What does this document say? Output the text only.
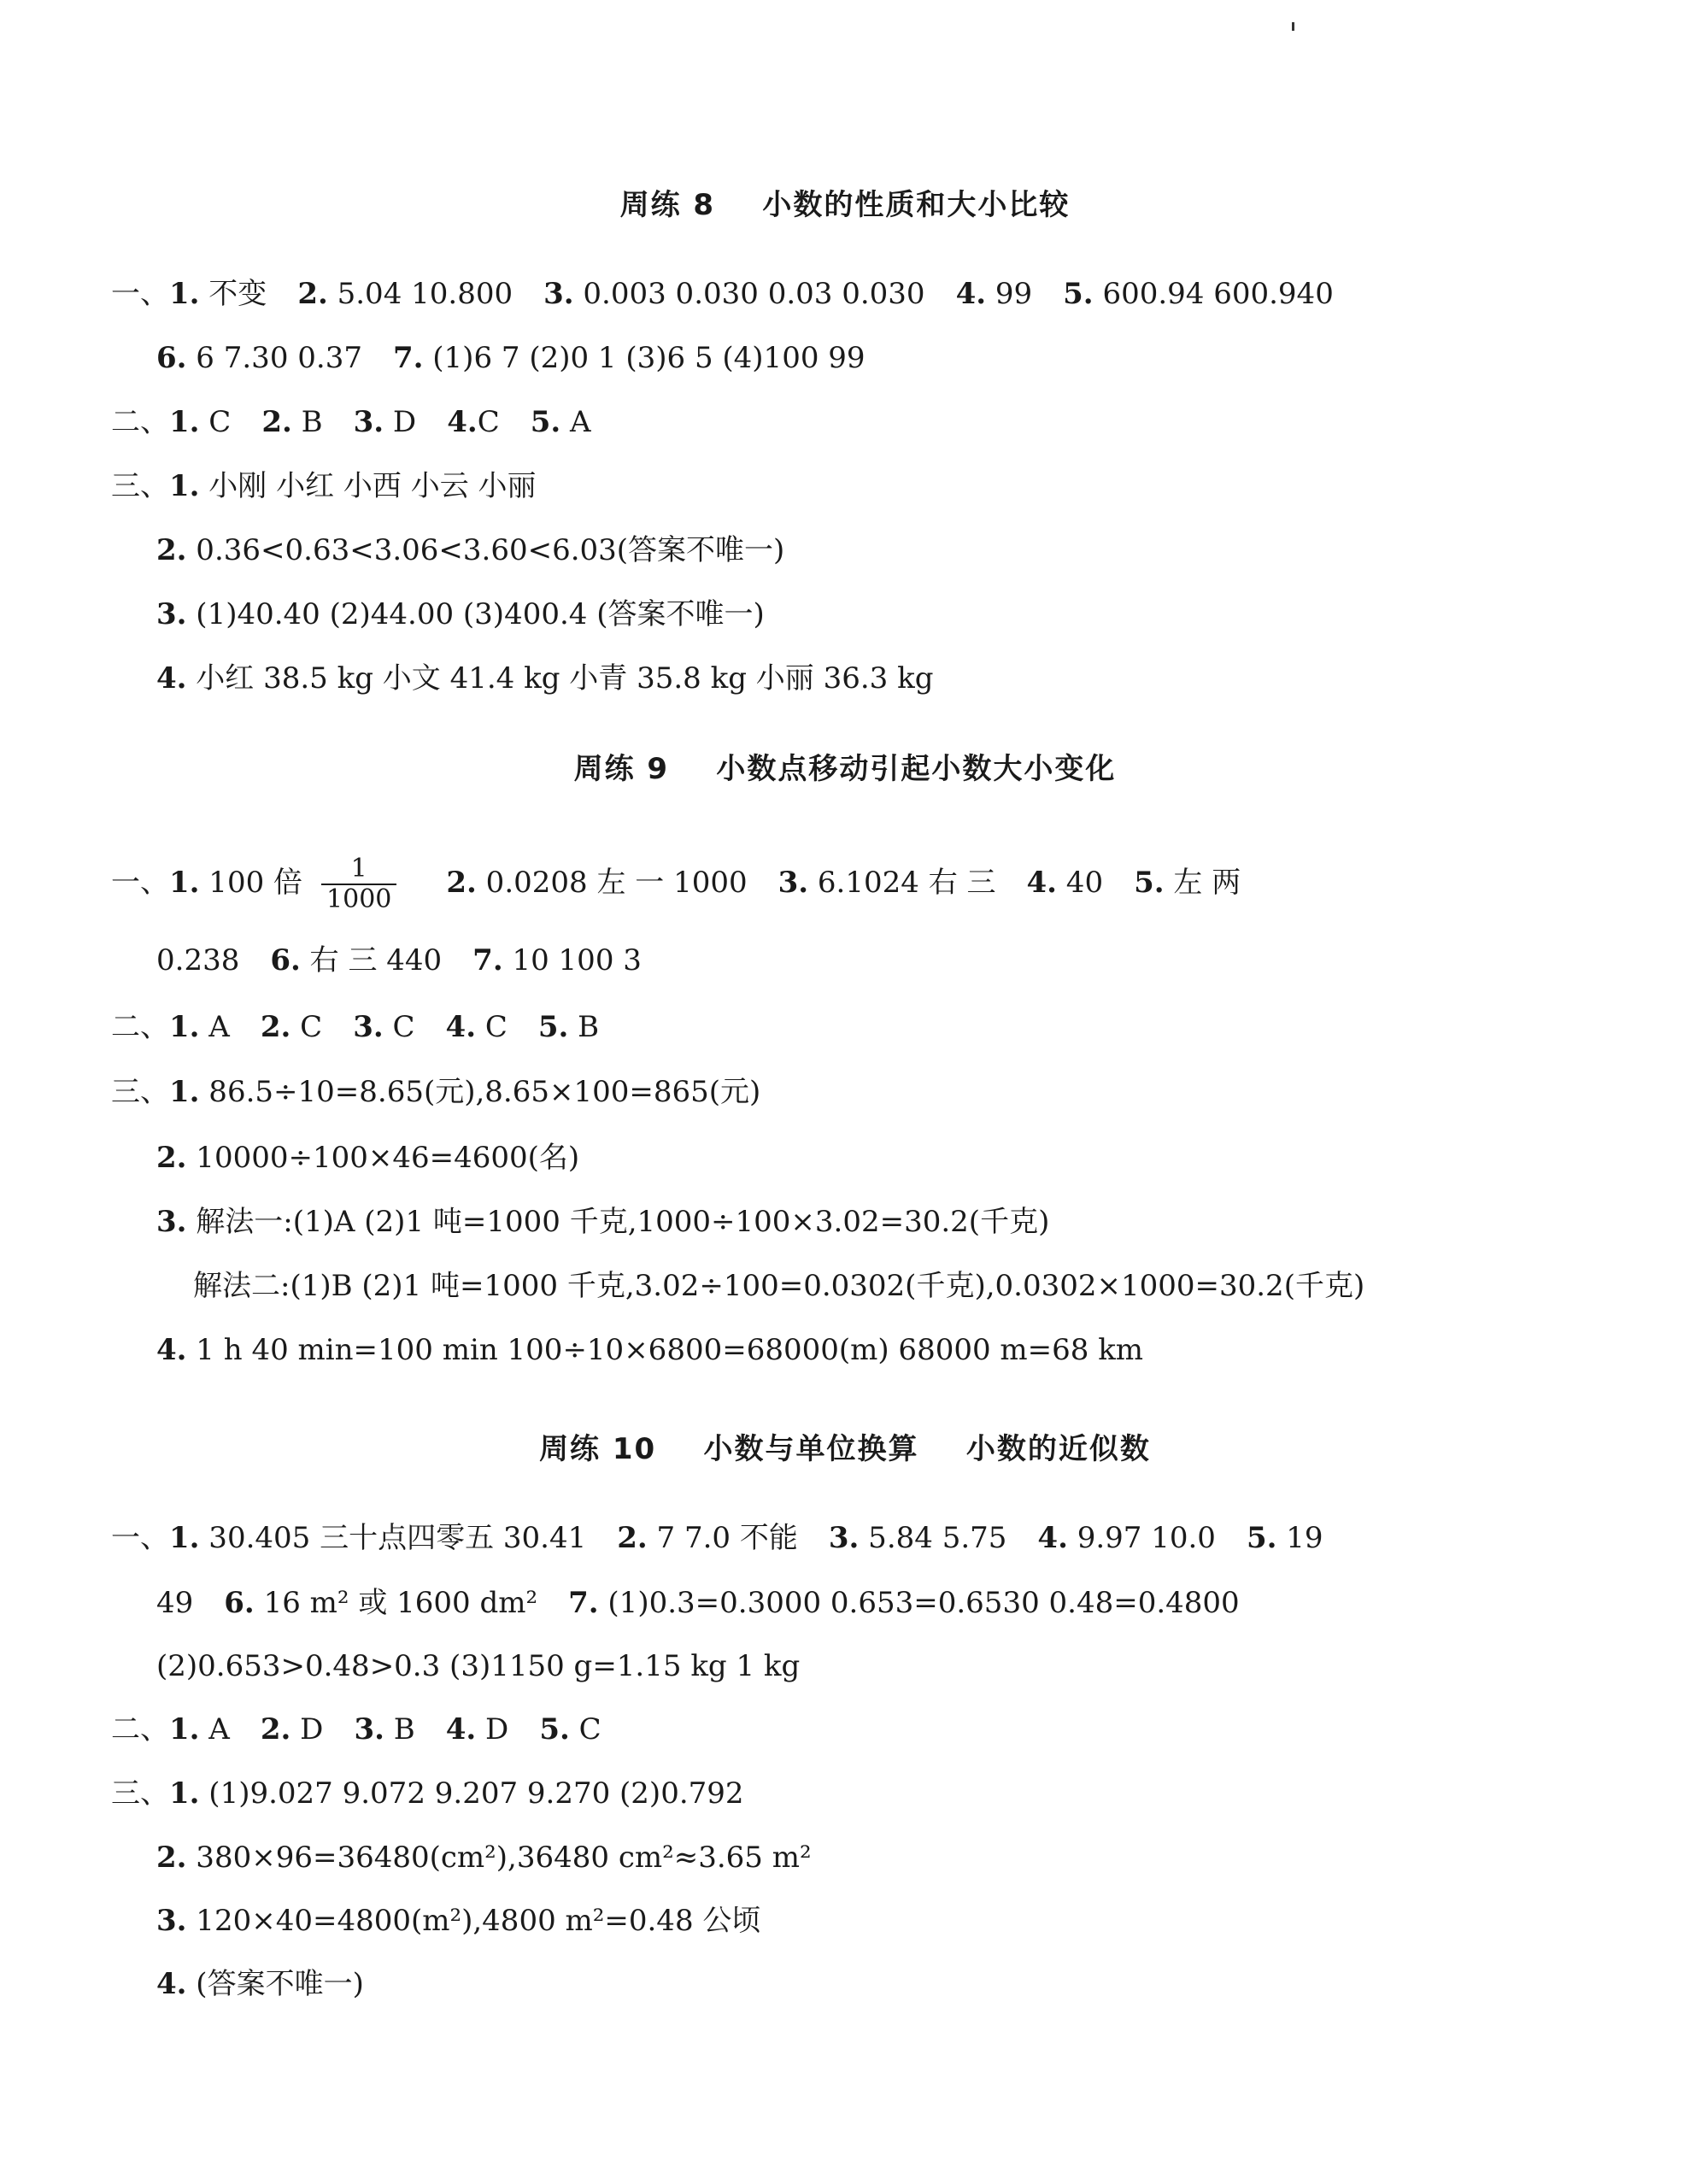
周练 8    小数的性质和大小比较
一、1. 不变 2. 5.04 10.800 3. 0.003 0.030 0.03 0.030 4. 99 5. 600.94 600.940
6. 6 7.30 0.37 7. (1)6 7 (2)0 1 (3)6 5 (4)100 99
二、1. C 2. B 3. D 4.C 5. A
三、1. 小刚 小红 小西 小云 小丽
2. 0.36<0.63<3.06<3.60<6.03(答案不唯一)
3. (1)40.40 (2)44.00 (3)400.4 (答案不唯一)
4. 小红 38.5 kg 小文 41.4 kg 小青 35.8 kg 小丽 36.3 kg
周练 9    小数点移动引起小数大小变化
一、1. 100 倍 $\frac{1}{1000} 2$. 0.0208 左 一 1000 3. 6.1024 右 三 4. 40 5. 左 两
0.238 6. 右 三 440 7. 10 100 3
二、1. A 2. C 3. C 4. C 5. B
三、1. 86.5÷10=8.65(元),8.65×100=865(元)
2. 10000÷100×46=4600(名)
3. 解法一:(1)A (2)1 吨=1000 千克,1000÷100×3.02=30.2(千克)
解法二:(1)B (2)1 吨=1000 千克,3.02÷100=0.0302(千克),0.0302×1000=30.2(千克)
4. 1 h 40 min=100 min 100÷10×6800=68000(m) 68000 m=68 km
周练 10    小数与单位换算    小数的近似数
一、1. 30.405 三十点四零五 30.41 2. 7 7.0 不能 3. 5.84 5.75 4. 9.97 10.0 5. 19
49 6. 16 m² 或 1600 dm² 7. (1)0.3=0.3000 0.653=0.6530 0.48=0.4800
(2)0.653>0.48>0.3 (3)1150 g=1.15 kg 1 kg
二、1. A 2. D 3. B 4. D 5. C
三、1. (1)9.027 9.072 9.207 9.270 (2)0.792
2. 380×96=36480(cm²),36480 cm²≈3.65 m²
3. 120×40=4800(m²),4800 m²=0.48 公顷
4. (答案不唯一)
